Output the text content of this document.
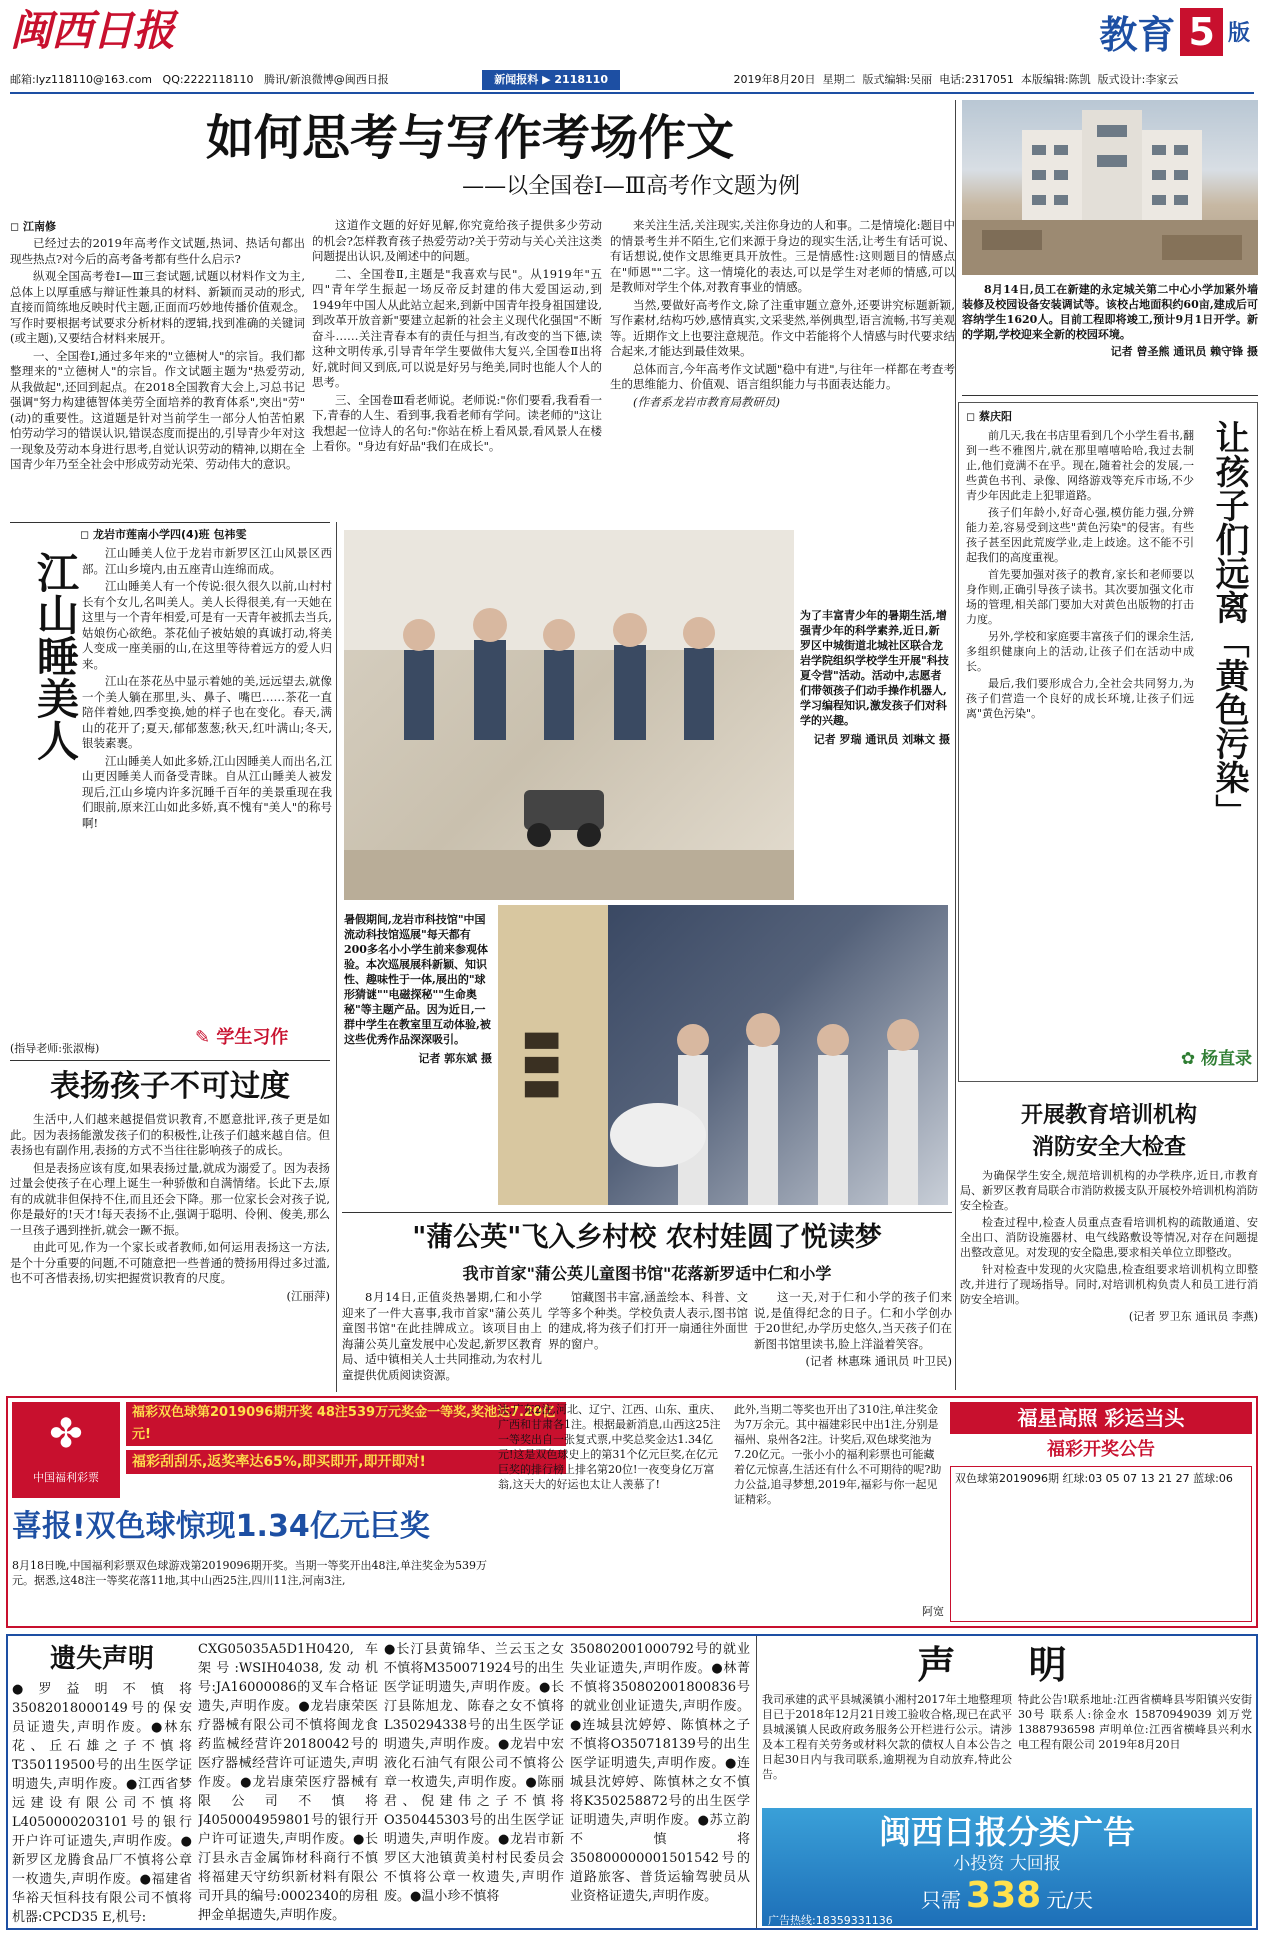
闽西日报	教育 5 版
邮箱:lyz118110@163.com QQ:2222118110 腾讯/新浪微博@闽西日报	新闻报料 ▶ 2118110	2019年8月20日 星期二 版式编辑:吴丽 电话:2317051 本版编辑:陈凯 版式设计:李家云
如何思考与写作考场作文
——以全国卷Ⅰ—Ⅲ高考作文题为例
◻ 江南修

已经过去的2019年高考作文试题,热词、热话句都出现些热点?对今后的高考备考都有些什么启示?

纵观全国高考卷Ⅰ—Ⅲ三套试题,试题以材料作文为主,总体上以厚重感与辩证性兼具的材料、新颖而灵动的形式,直接而简练地反映时代主题,正面而巧妙地传播价值观念。写作时要根据考试要求分析材料的逻辑,找到准确的关键词(或主题),又要结合材料来展开。

一、全国卷Ⅰ,通过多年来的"立德树人"的宗旨。我们都整理来的"立德树人"的宗旨。作文试题主题为"热爱劳动,从我做起",还回到起点。在2018全国教育大会上,习总书记强调"努力构建德智体美劳全面培养的教育体系",突出"劳"(动)的重要性。这道题是针对当前学生一部分人怕苦怕累怕劳动学习的错误认识,错误态度而提出的,引导青少年对这一现象及劳动本身进行思考,自觉认识劳动的精神,以期在全国青少年乃至全社会中形成劳动光荣、劳动伟大的意识。

这道作文题的好好见解,你究竟给孩子提供多少劳动的机会?怎样教育孩子热爱劳动?关于劳动与关心关注这类问题提出认识,及阐述中的问题。

二、全国卷Ⅱ,主题是"我喜欢与民"。从1919年"五四"青年学生振起一场反帝反封建的伟大爱国运动,到1949年中国人从此站立起来,到新中国青年投身祖国建设,到改革开放音新"要建立起新的社会主义现代化强国"不断奋斗……关注青春本有的责任与担当,有改变的当下德,读这种文明传承,引导青年学生要做伟大复兴,全国卷Ⅱ出将好,就时间又到底,可以说是好另与绝美,同时也能人个人的思考。

三、全国卷Ⅲ看老师说。老师说:"你们要看,我看看一下,青春的人生、看到事,我看老师有学问。读老师的"这让我想起一位诗人的名句:"你站在桥上看风景,看风景人在楼上看你。"身边有好品"我们在成长"。

来关注生活,关注现实,关注你身边的人和事。二是情境化:题目中的情景考生并不陌生,它们来源于身边的现实生活,让考生有话可说、有话想说,使作文思维更具开放性。三是情感性:这则题目的情感点在"师恩""二字。这一情境化的表达,可以是学生对老师的情感,可以是教师对学生个体,对教育事业的情感。

当然,要做好高考作文,除了注重审题立意外,还要讲究标题新颖,写作素材,结构巧妙,感情真实,文采斐然,举例典型,语言流畅,书写美观等。近期作文上也要注意规范。作文中若能将个人情感与时代要求结合起来,才能达到最佳效果。

总体而言,今年高考作文试题"稳中有进",与往年一样都在考查考生的思维能力、价值观、语言组织能力与书面表达能力。

(作者系龙岩市教育局教研员)

8月14日,员工在新建的永定城关第二中心小学加紧外墙装修及校园设备安装调试等。该校占地面积约60亩,建成后可容纳学生1620人。目前工程即将竣工,预计9月1日开学。新的学期,学校迎来全新的校园环境。

记者 曾圣熊 通讯员 赖守锋 摄
◻ 龙岩市莲南小学四(4)班 包祎雯
江山睡美人	江山睡美人位于龙岩市新罗区江山风景区西部。江山乡境内,由五座青山连绵而成。

江山睡美人有一个传说:很久很久以前,山村村长有个女儿,名叫美人。美人长得很美,有一天她在这里与一个青年相爱,可是有一天青年被抓去当兵,姑娘伤心欲绝。茶花仙子被姑娘的真诚打动,将美人变成一座美丽的山,在这里等待着远方的爱人归来。

江山在茶花丛中显示着她的美,远远望去,就像一个美人躺在那里,头、鼻子、嘴巴……茶花一直陪伴着她,四季变换,她的样子也在变化。春天,满山的花开了;夏天,郁郁葱葱;秋天,红叶满山;冬天,银装素裹。

江山睡美人如此多娇,江山因睡美人而出名,江山更因睡美人而备受青睐。自从江山睡美人被发现后,江山乡境内许多沉睡千百年的美景重现在我们眼前,原来江山如此多娇,真不愧有"美人"的称号啊!

(指导老师:张淑梅)
✎ 学生习作
表扬孩子不可过度

生活中,人们越来越提倡赏识教育,不愿意批评,孩子更是如此。因为表扬能激发孩子们的积极性,让孩子们越来越自信。但表扬也有副作用,表扬的方式不当往往影响孩子的成长。

但是表扬应该有度,如果表扬过量,就成为溺爱了。因为表扬过量会使孩子在心理上诞生一种骄傲和自满情绪。长此下去,原有的成就非但保持不住,而且还会下降。那一位家长会对孩子说,你是最好的!天才!每天表扬不止,强调于聪明、伶俐、俊美,那么一旦孩子遇到挫折,就会一蹶不振。

由此可见,作为一个家长或者教师,如何运用表扬这一方法,是个十分重要的问题,不可随意把一些普通的赞扬用得过多过滥,也不可吝惜表扬,切实把握赏识教育的尺度。

(江丽萍)

为了丰富青少年的暑期生活,增强青少年的科学素养,近日,新罗区中城街道北城社区联合龙岩学院组织学校学生开展"科技夏令营"活动。活动中,志愿者们带领孩子们动手操作机器人,学习编程知识,激发孩子们对科学的兴趣。
记者 罗瑞 通讯员 刘琳文 摄
▮▮▮
暑假期间,龙岩市科技馆"中国流动科技馆巡展"每天都有200多名小小学生前来参观体验。本次巡展展科新颖、知识性、趣味性于一体,展出的"球形猜谜""电磁探秘""生命奥秘"等主题产品。因为近日,一群中学生在教室里互动体验,被这些优秀作品深深吸引。
记者 郭东斌 摄
"蒲公英"飞入乡村校 农村娃圆了悦读梦
我市首家"蒲公英儿童图书馆"花落新罗适中仁和小学

8月14日,正值炎热暑期,仁和小学迎来了一件大喜事,我市首家"蒲公英儿童图书馆"在此挂牌成立。该项目由上海蒲公英儿童发展中心发起,新罗区教育局、适中镇相关人士共同推动,为农村儿童提供优质阅读资源。

馆藏图书丰富,涵盖绘本、科普、文学等多个种类。学校负责人表示,图书馆的建成,将为孩子们打开一扇通往外面世界的窗户。

这一天,对于仁和小学的孩子们来说,是值得纪念的日子。仁和小学创办于20世纪,办学历史悠久,当天孩子们在新图书馆里读书,脸上洋溢着笑容。

(记者 林惠珠 通讯员 叶卫民)
◻ 蔡庆阳
让孩子们远离「黄色污染」

前几天,我在书店里看到几个小学生看书,翻到一些不雅图片,就在那里嘻嘻哈哈,我过去制止,他们竟满不在乎。现在,随着社会的发展,一些黄色书刊、录像、网络游戏等充斥市场,不少青少年因此走上犯罪道路。

孩子们年龄小,好奇心强,模仿能力强,分辨能力差,容易受到这些"黄色污染"的侵害。有些孩子甚至因此荒废学业,走上歧途。这不能不引起我们的高度重视。

首先要加强对孩子的教育,家长和老师要以身作则,正确引导孩子读书。其次要加强文化市场的管理,相关部门要加大对黄色出版物的打击力度。

另外,学校和家庭要丰富孩子们的课余生活,多组织健康向上的活动,让孩子们在活动中成长。

最后,我们要形成合力,全社会共同努力,为孩子们营造一个良好的成长环境,让孩子们远离"黄色污染"。

✿ 杨直录
开展教育培训机构
消防安全大检查

为确保学生安全,规范培训机构的办学秩序,近日,市教育局、新罗区教育局联合市消防救援支队开展校外培训机构消防安全检查。

检查过程中,检查人员重点查看培训机构的疏散通道、安全出口、消防设施器材、电气线路敷设等情况,对存在问题提出整改意见。对发现的安全隐患,要求相关单位立即整改。

针对检查中发现的火灾隐患,检查组要求培训机构立即整改,并进行了现场指导。同时,对培训机构负责人和员工进行消防安全培训。

(记者 罗卫东 通讯员 李燕)

✤
中国福利彩票
福彩双色球第2019096期开奖 48注539万元奖金一等奖,奖池达7.20亿元!
福彩刮刮乐,返奖率达65%,即买即开,即开即对!
喜报!双色球惊现1.34亿元巨奖
8月18日晚,中国福利彩票双色球游戏第2019096期开奖。当期一等奖开出48注,单注奖金为539万元。据悉,这48注一等奖花落11地,其中山西25注,四川11注,河南3注,
注,广东2注,河北、辽宁、江西、山东、重庆、广西和甘肃各1注。根据最新消息,山西这25注一等奖出自一张复式票,中奖总奖金达1.34亿元!这是双色球史上的第31个亿元巨奖,在亿元巨奖的排行榜上排名第20位!一夜变身亿万富翁,这天大的好运也太让人羡慕了!
此外,当期二等奖也开出了310注,单注奖金为7万余元。其中福建彩民中出1注,分别是福州、泉州各2注。计奖后,双色球奖池为7.20亿元。一张小小的福利彩票也可能藏着亿元惊喜,生活还有什么不可期待的呢?助力公益,追寻梦想,2019年,福彩与你一起见证精彩。
阿宽
福星高照 彩运当头
福彩开奖公告
双色球第2019096期 红球:03 05 07 13 21 27 蓝球:06
遗失声明
●罗益明不慎将35082018000149号的保安员证遗失,声明作废。●林东花、丘石雄之子不慎将T350119500号的出生医学证明遗失,声明作废。●江西省梦远建设有限公司不慎将L4050000203101号的银行开户许可证遗失,声明作废。●新罗区龙腾食品厂不慎将公章一枚遗失,声明作废。●福建省华裕天恒科技有限公司不慎将机器:CPCD35 E,机号:
CXG05035A5D1H0420,车架号:WSIH04038,发动机号:JA16000086的叉车合格证遗失,声明作废。●龙岩康荣医疗器械有限公司不慎将闽龙食药监械经营许20180042号的医疗器械经营许可证遗失,声明作废。●龙岩康荣医疗器械有限公司不慎将J4050004959801号的银行开户许可证遗失,声明作废。●长汀县永吉金属饰材科商行不慎将福建天守纺织新材料有限公司开具的编号:0002340的房租押金单据遗失,声明作废。
●长汀县黄锦华、兰云玉之女不慎将M350071924号的出生医学证明遗失,声明作废。●长汀县陈旭龙、陈春之女不慎将L350294338号的出生医学证明遗失,声明作废。●龙岩中宏液化石油气有限公司不慎将公章一枚遗失,声明作废。●陈丽君、倪建伟之子不慎将O350445303号的出生医学证明遗失,声明作废。●龙岩市新罗区大池镇黄美村村民委员会不慎将公章一枚遗失,声明作废。●温小珍不慎将
350802001000792号的就业失业证遗失,声明作废。●林菁不慎将350802001800836号的就业创业证遗失,声明作废。●连城县沈婷婷、陈慎林之子不慎将O350718139号的出生医学证明遗失,声明作废。●连城县沈婷婷、陈慎林之女不慎将K350258872号的出生医学证明遗失,声明作废。●苏立韵不慎将350800000001501542号的道路旅客、普货运输驾驶员从业资格证遗失,声明作废。
声 明
我司承建的武平县城溪镇小湘村2017年土地整理项目已于2018年12月21日竣工验收合格,现已在武平县城溪镇人民政府政务服务公开栏进行公示。请涉及本工程有关劳务或材料欠款的债权人自本公告之日起30日内与我司联系,逾期视为自动放弃,特此公告。
特此公告!联系地址:江西省横峰县岑阳镇兴安街30号 联系人:徐金水 15870949039 刘万党 13887936598 声明单位:江西省横峰县兴利水电工程有限公司 2019年8月20日
闽西日报分类广告
小投资 大回报
只需 338 元/天
广告热线:18359331136
